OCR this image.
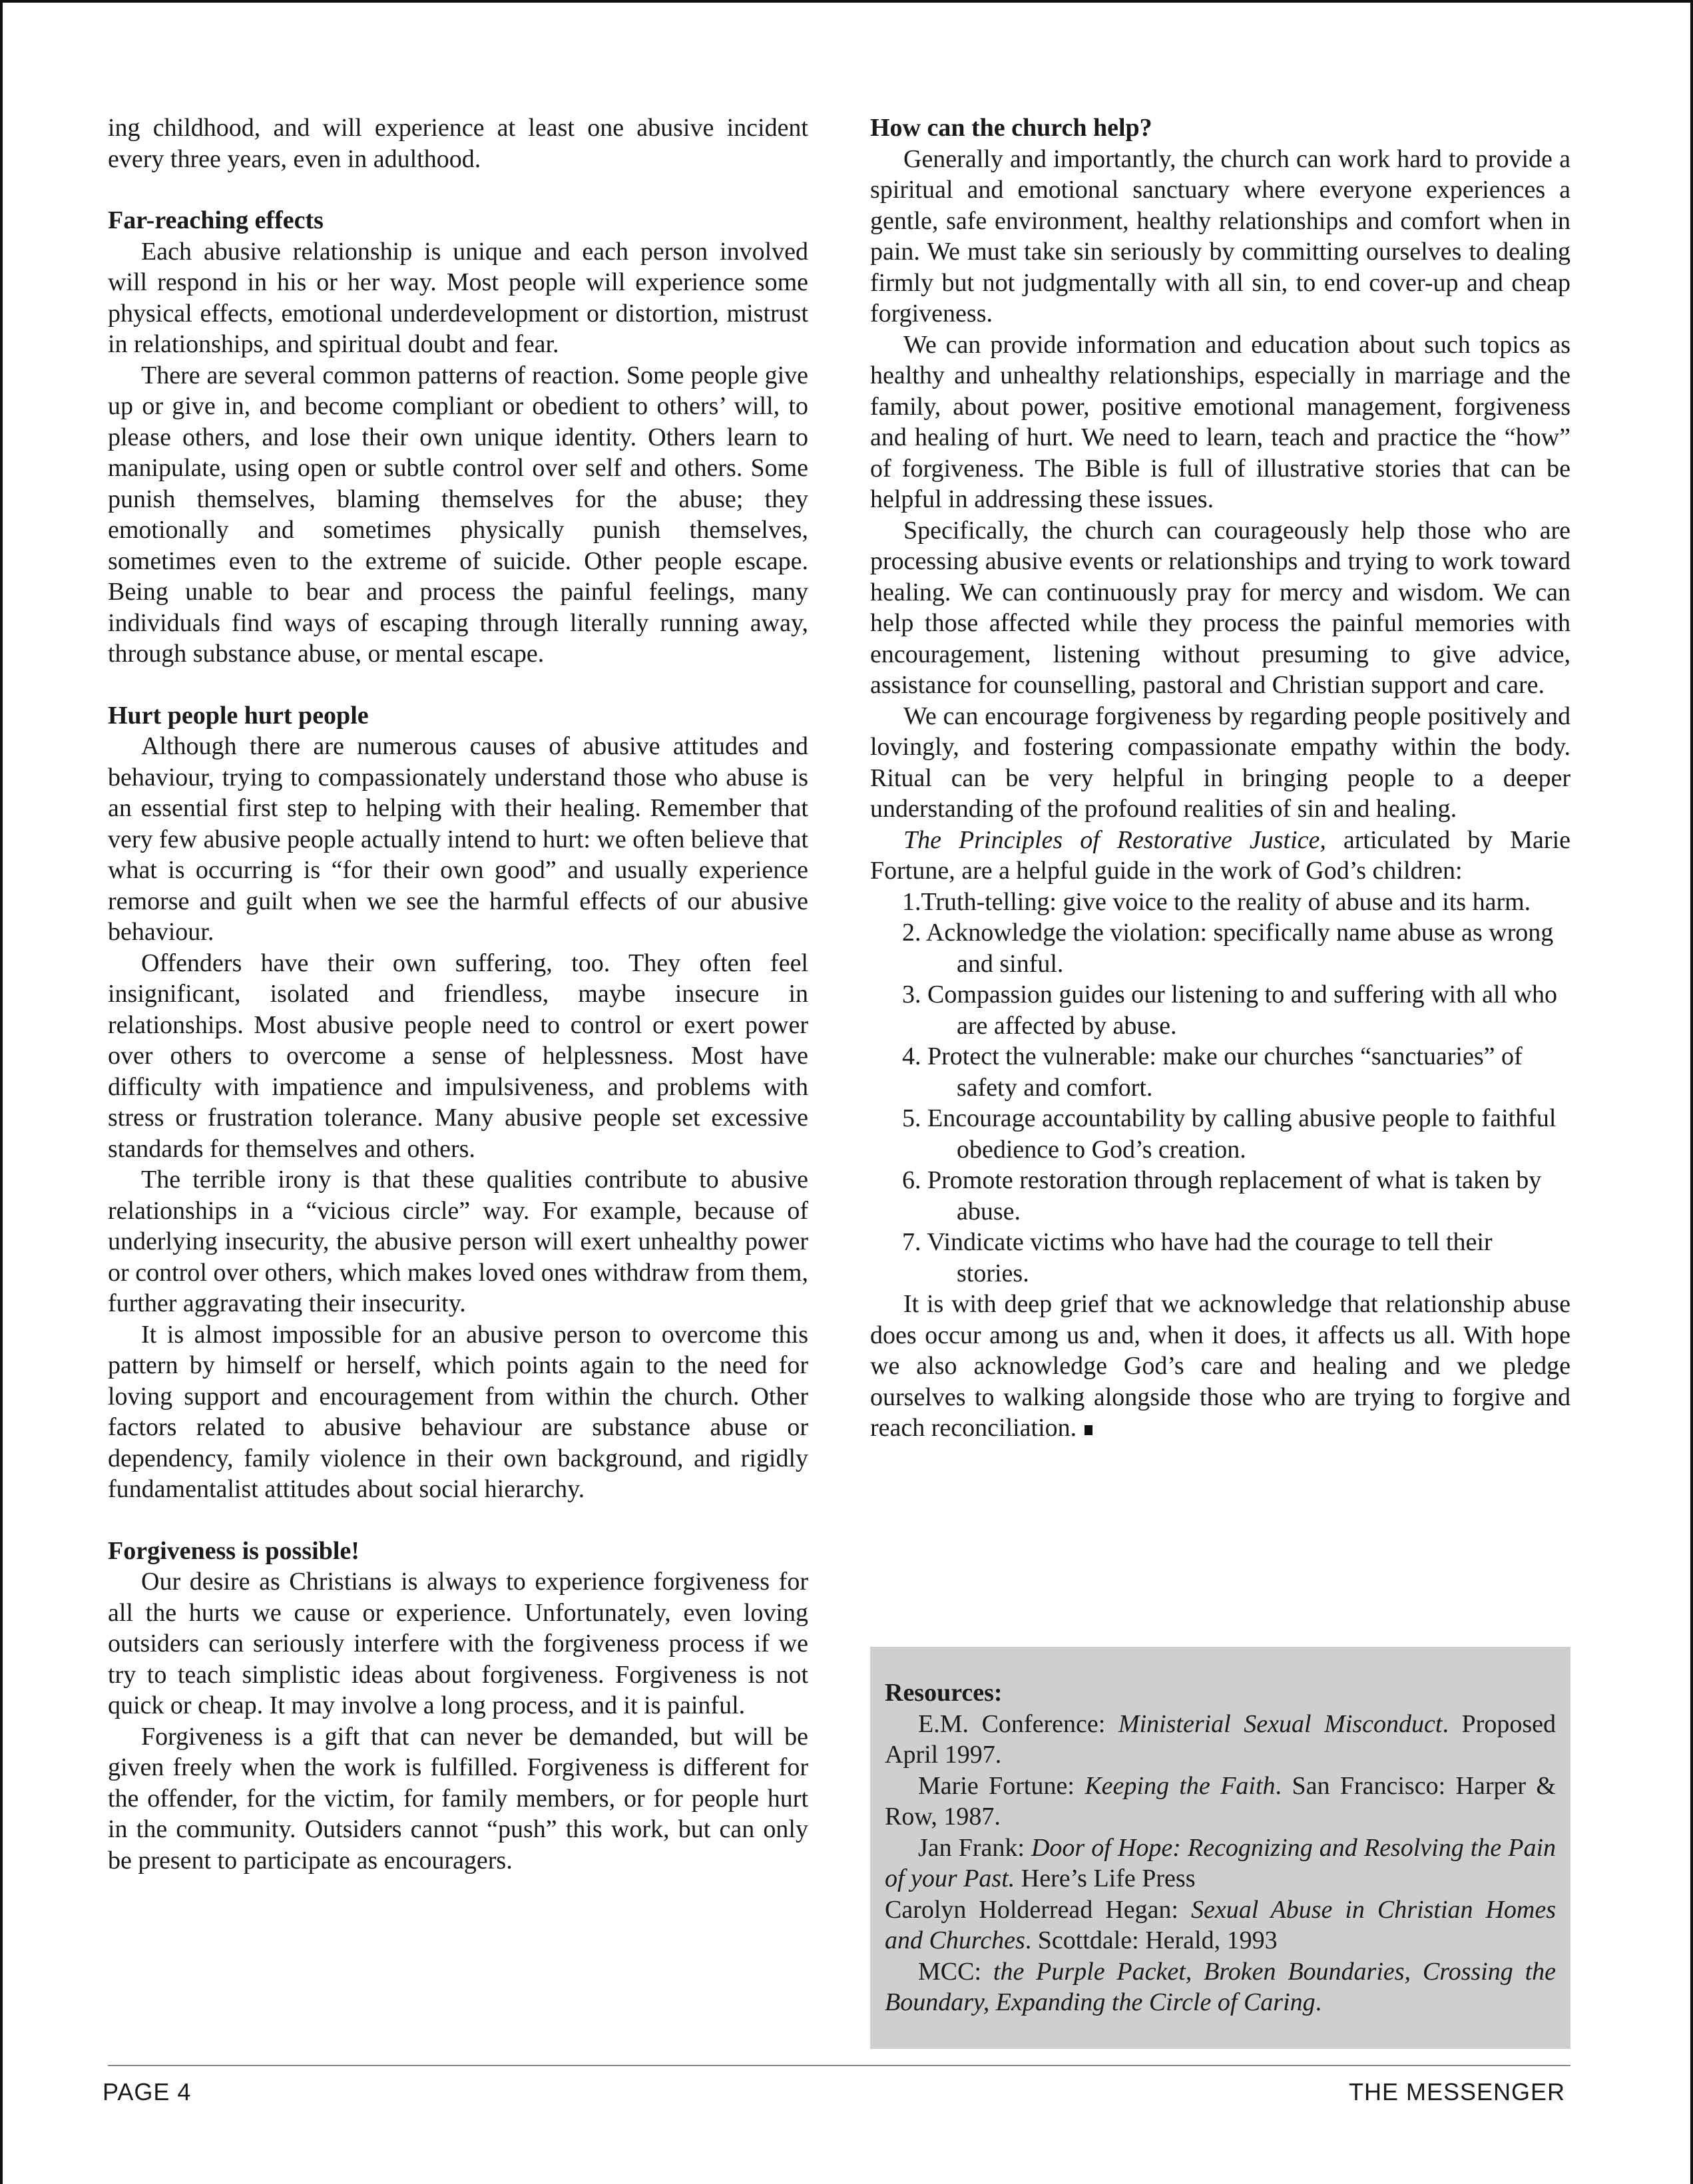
ing childhood, and will experience at least one abusive incident every three years, even in adulthood.

Far-reaching effects

Each abusive relationship is unique and each person involved will respond in his or her way. Most people will experience some physical effects, emotional underdevelopment or distortion, mistrust in relationships, and spiritual doubt and fear.

There are several common patterns of reaction. Some people give up or give in, and become compliant or obedient to others’ will, to please others, and lose their own unique identity. Others learn to manipulate, using open or subtle control over self and others. Some punish themselves, blaming themselves for the abuse; they emotionally and sometimes physically punish themselves, sometimes even to the extreme of suicide. Other people escape. Being unable to bear and process the painful feelings, many individuals find ways of escaping through literally running away, through substance abuse, or mental escape.

Hurt people hurt people

Although there are numerous causes of abusive attitudes and behaviour, trying to compassionately understand those who abuse is an essential first step to helping with their healing. Remember that very few abusive people actually intend to hurt: we often believe that what is occurring is “for their own good” and usually experience remorse and guilt when we see the harmful effects of our abusive behaviour.

Offenders have their own suffering, too. They often feel insignificant, isolated and friendless, maybe insecure in relationships. Most abusive people need to control or exert power over others to overcome a sense of helplessness. Most have difficulty with impatience and impulsiveness, and problems with stress or frustration tolerance. Many abusive people set excessive standards for themselves and others.

The terrible irony is that these qualities contribute to abusive relationships in a “vicious circle” way. For example, because of underlying insecurity, the abusive person will exert unhealthy power or control over others, which makes loved ones withdraw from them, further aggravating their insecurity.

It is almost impossible for an abusive person to overcome this pattern by himself or herself, which points again to the need for loving support and encouragement from within the church. Other factors related to abusive behaviour are substance abuse or dependency, family violence in their own background, and rigidly fundamentalist attitudes about social hierarchy.

Forgiveness is possible!

Our desire as Christians is always to experience forgiveness for all the hurts we cause or experience. Unfortunately, even loving outsiders can seriously interfere with the forgiveness process if we try to teach simplistic ideas about forgiveness. Forgiveness is not quick or cheap. It may involve a long process, and it is painful.

Forgiveness is a gift that can never be demanded, but will be given freely when the work is fulfilled. Forgiveness is different for the offender, for the victim, for family members, or for people hurt in the community. Outsiders cannot “push” this work, but can only be present to participate as encouragers.

How can the church help?

Generally and importantly, the church can work hard to provide a spiritual and emotional sanctuary where everyone experiences a gentle, safe environment, healthy relationships and comfort when in pain. We must take sin seriously by committing ourselves to dealing firmly but not judgmentally with all sin, to end cover-up and cheap forgiveness.

We can provide information and education about such topics as healthy and unhealthy relationships, especially in marriage and the family, about power, positive emotional management, forgiveness and healing of hurt. We need to learn, teach and practice the “how” of forgiveness. The Bible is full of illustrative stories that can be helpful in addressing these issues.

Specifically, the church can courageously help those who are processing abusive events or relationships and trying to work toward healing. We can continuously pray for mercy and wisdom. We can help those affected while they process the painful memories with encouragement, listening without presuming to give advice, assistance for counselling, pastoral and Christian support and care.

We can encourage forgiveness by regarding people positively and lovingly, and fostering compassionate empathy within the body. Ritual can be very helpful in bringing people to a deeper understanding of the profound realities of sin and healing.

The Principles of Restorative Justice, articulated by Marie Fortune, are a helpful guide in the work of God’s children:

1.Truth-telling: give voice to the reality of abuse and its harm.
2. Acknowledge the violation: specifically name abuse as wrong and sinful.
3. Compassion guides our listening to and suffering with all who are affected by abuse.
4. Protect the vulnerable: make our churches “sanctuaries” of safety and comfort.
5. Encourage accountability by calling abusive people to faithful obedience to God’s creation.
6. Promote restoration through replacement of what is taken by abuse.
7. Vindicate victims who have had the courage to tell their stories.

It is with deep grief that we acknowledge that relationship abuse does occur among us and, when it does, it affects us all. With hope we also acknowledge God’s care and healing and we pledge ourselves to walking alongside those who are trying to forgive and reach reconciliation.

Resources:

E.M. Conference: Ministerial Sexual Misconduct. Proposed April 1997.

Marie Fortune: Keeping the Faith. San Francisco: Harper & Row, 1987.

Jan Frank: Door of Hope: Recognizing and Resolving the Pain of your Past. Here’s Life Press

Carolyn Holderread Hegan: Sexual Abuse in Christian Homes and Churches. Scottdale: Herald, 1993

MCC: the Purple Packet, Broken Boundaries, Crossing the Boundary, Expanding the Circle of Caring.

PAGE 4	THE MESSENGER
